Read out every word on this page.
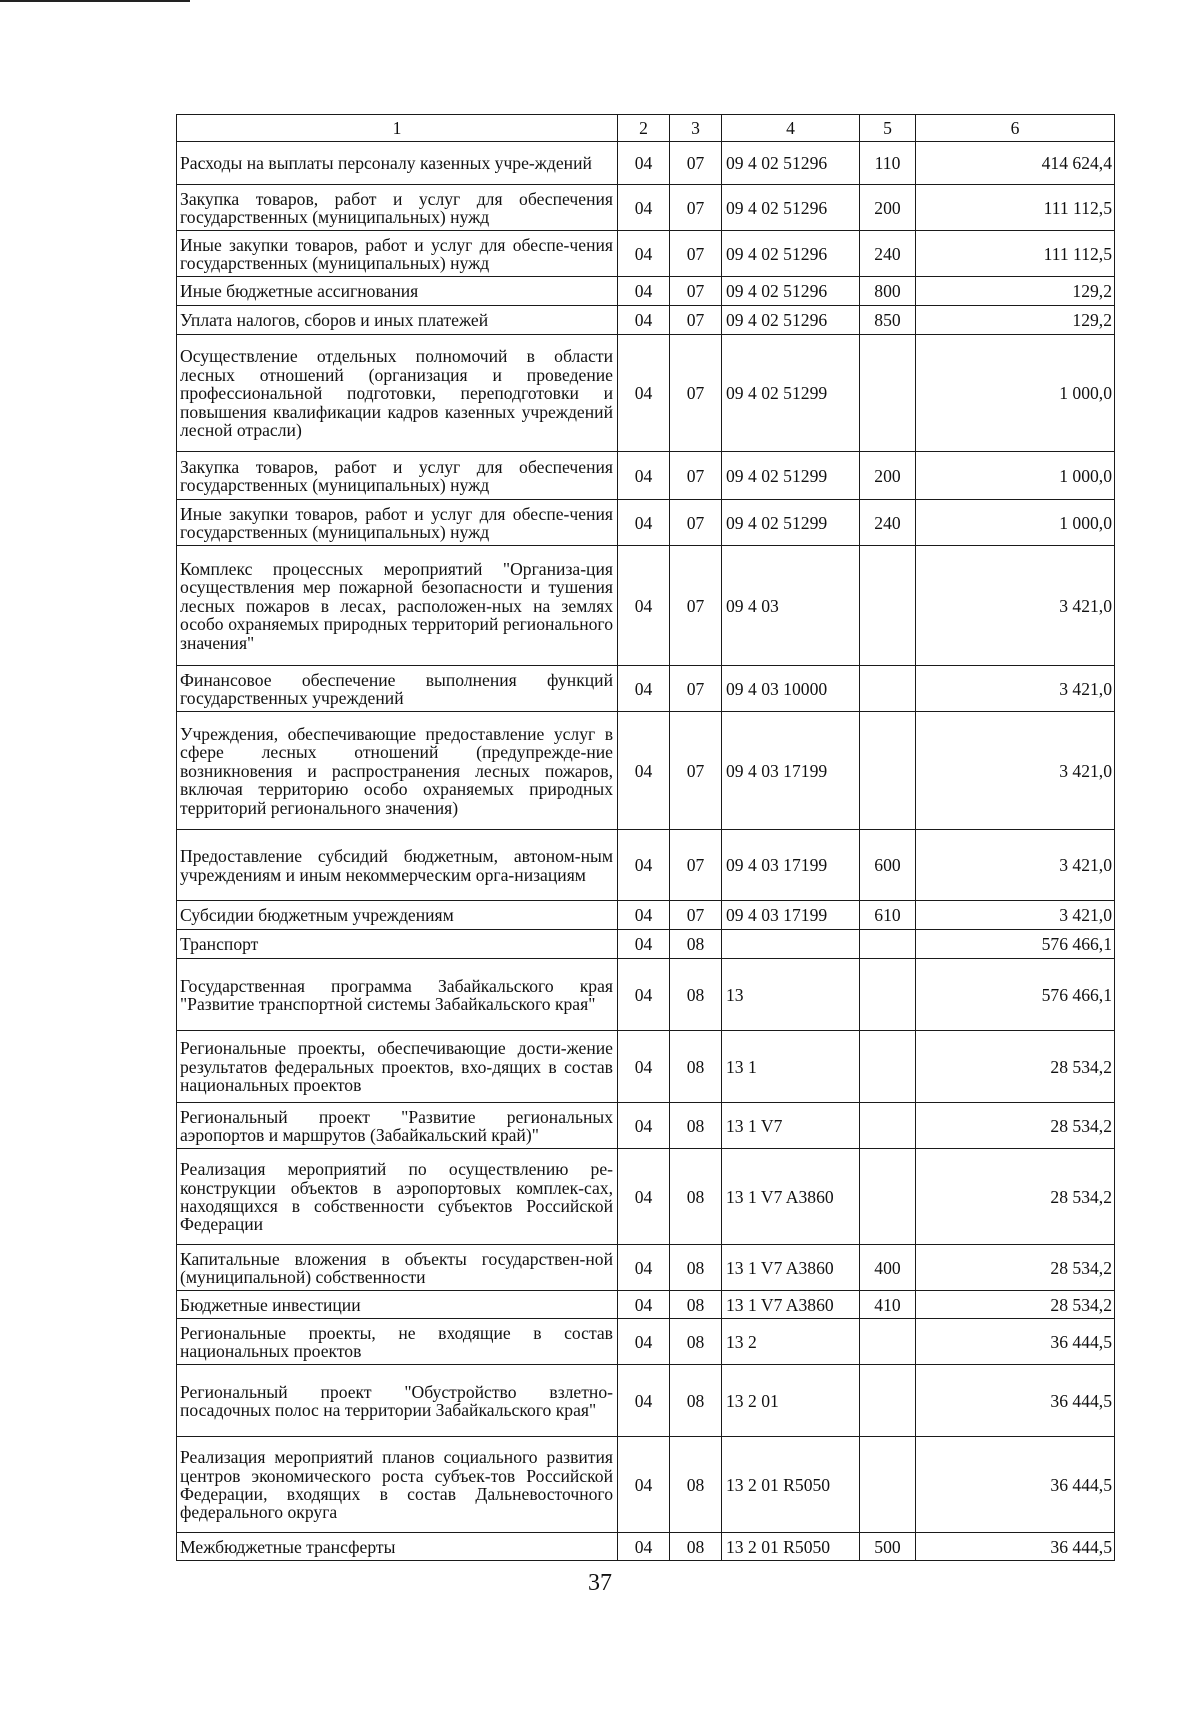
1	2	3	4	5	6
Расходы на выплаты персоналу казенных учре-ждений	04	07	09 4 02 51296	110	414 624,4
Закупка товаров, работ и услуг для обеспечения государственных (муниципальных) нужд	04	07	09 4 02 51296	200	111 112,5
Иные закупки товаров, работ и услуг для обеспе-чения государственных (муниципальных) нужд	04	07	09 4 02 51296	240	111 112,5
Иные бюджетные ассигнования	04	07	09 4 02 51296	800	129,2
Уплата налогов, сборов и иных платежей	04	07	09 4 02 51296	850	129,2
Осуществление отдельных полномочий в области лесных отношений (организация и проведение профессиональной подготовки, переподготовки и повышения квалификации кадров казенных учреждений лесной отрасли)	04	07	09 4 02 51299		1 000,0
Закупка товаров, работ и услуг для обеспечения государственных (муниципальных) нужд	04	07	09 4 02 51299	200	1 000,0
Иные закупки товаров, работ и услуг для обеспе-чения государственных (муниципальных) нужд	04	07	09 4 02 51299	240	1 000,0
Комплекс процессных мероприятий "Организа-ция осуществления мер пожарной безопасности и тушения лесных пожаров в лесах, расположен-ных на землях особо охраняемых природных территорий регионального значения"	04	07	09 4 03		3 421,0
Финансовое обеспечение выполнения функций государственных учреждений	04	07	09 4 03 10000		3 421,0
Учреждения, обеспечивающие предоставление услуг в сфере лесных отношений (предупрежде-ние возникновения и распространения лесных пожаров, включая территорию особо охраняемых природных территорий регионального значения)	04	07	09 4 03 17199		3 421,0
Предоставление субсидий бюджетным, автоном-ным учреждениям и иным некоммерческим орга-низациям	04	07	09 4 03 17199	600	3 421,0
Субсидии бюджетным учреждениям	04	07	09 4 03 17199	610	3 421,0
Транспорт	04	08			576 466,1
Государственная программа Забайкальского края "Развитие транспортной системы Забайкальского края"	04	08	13		576 466,1
Региональные проекты, обеспечивающие дости-жение результатов федеральных проектов, вхо-дящих в состав национальных проектов	04	08	13 1		28 534,2
Региональный проект "Развитие региональных аэропортов и маршрутов (Забайкальский край)"	04	08	13 1 V7		28 534,2
Реализация мероприятий по осуществлению ре-конструкции объектов в аэропортовых комплек-сах, находящихся в собственности субъектов Российской Федерации	04	08	13 1 V7 A3860		28 534,2
Капитальные вложения в объекты государствен-ной (муниципальной) собственности	04	08	13 1 V7 A3860	400	28 534,2
Бюджетные инвестиции	04	08	13 1 V7 A3860	410	28 534,2
Региональные проекты, не входящие в состав национальных проектов	04	08	13 2		36 444,5
Региональный проект "Обустройство взлетно-посадочных полос на территории Забайкальского края"	04	08	13 2 01		36 444,5
Реализация мероприятий планов социального развития центров экономического роста субъек-тов Российской Федерации, входящих в состав Дальневосточного федерального округа	04	08	13 2 01 R5050		36 444,5
Межбюджетные трансферты	04	08	13 2 01 R5050	500	36 444,5
37
